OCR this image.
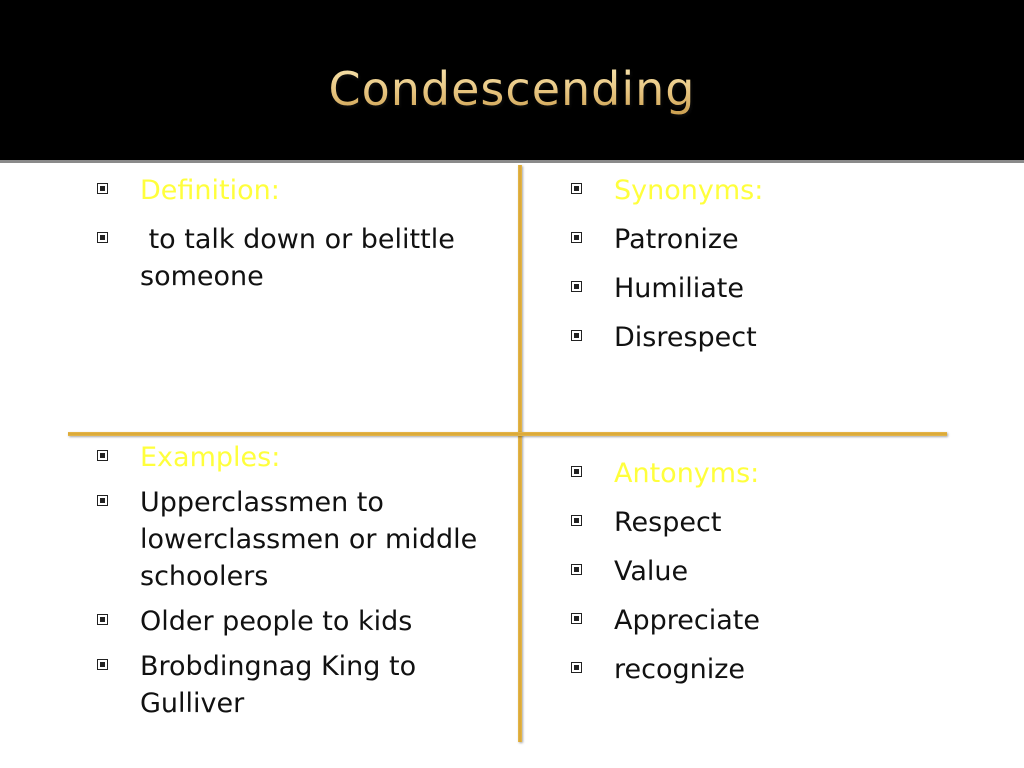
Condescending
Definition:
to talk down or belittle someone
Synonyms:
Patronize
Humiliate
Disrespect
Examples:
Upperclassmen to lowerclassmen or middle schoolers
Older people to kids
Brobdingnag King to Gulliver
Antonyms:
Respect
Value
Appreciate
recognize
